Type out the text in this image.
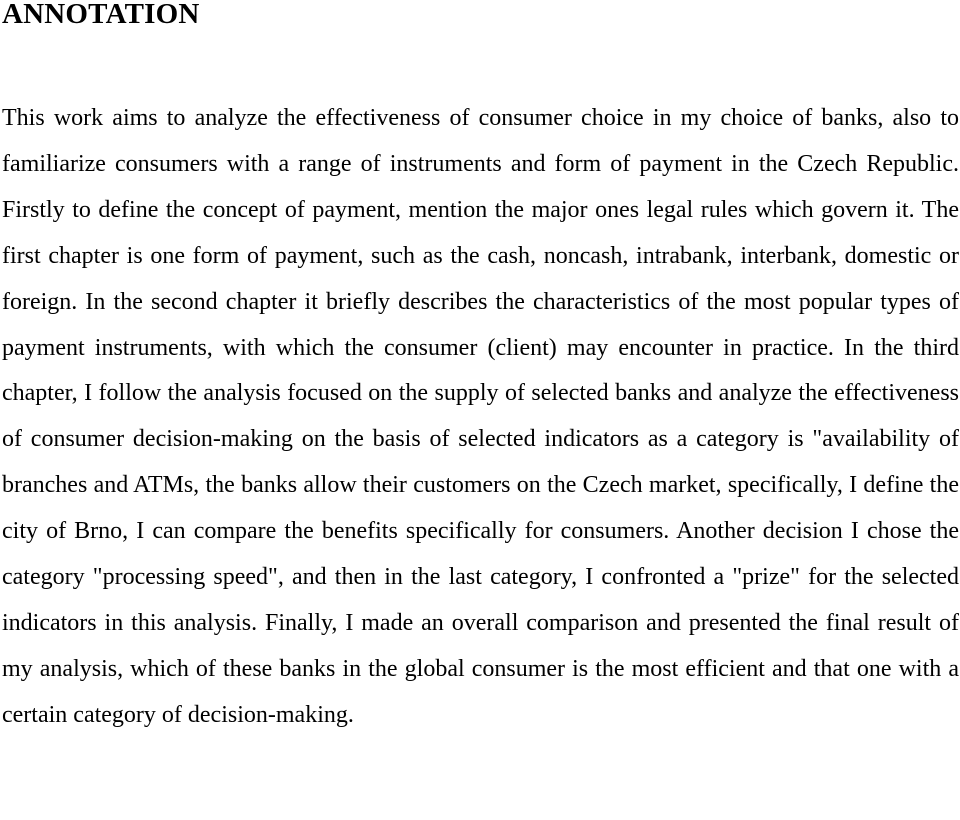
ANNOTATION

This work aims to analyze the effectiveness of consumer choice in my choice of banks, also to familiarize consumers with a range of instruments and form of payment in the Czech Republic. Firstly to define the concept of payment, mention the major ones legal rules which govern it. The first chapter is one form of payment, such as the cash, noncash, intrabank, interbank, domestic or foreign. In the second chapter it briefly describes the characteristics of the most popular types of payment instruments, with which the consumer (client) may encounter in practice. In the third chapter, I follow the analysis focused on the supply of selected banks and analyze the effectiveness of consumer decision-making on the basis of selected indicators as a category is "availability of branches and ATMs, the banks allow their customers on the Czech market, specifically, I define the city of Brno, I can compare the benefits specifically for consumers. Another decision I chose the category "processing speed", and then in the last category, I confronted a "prize" for the selected indicators in this analysis. Finally, I made an overall comparison and presented the final result of my analysis, which of these banks in the global consumer is the most efficient and that one with a certain category of decision-making.
